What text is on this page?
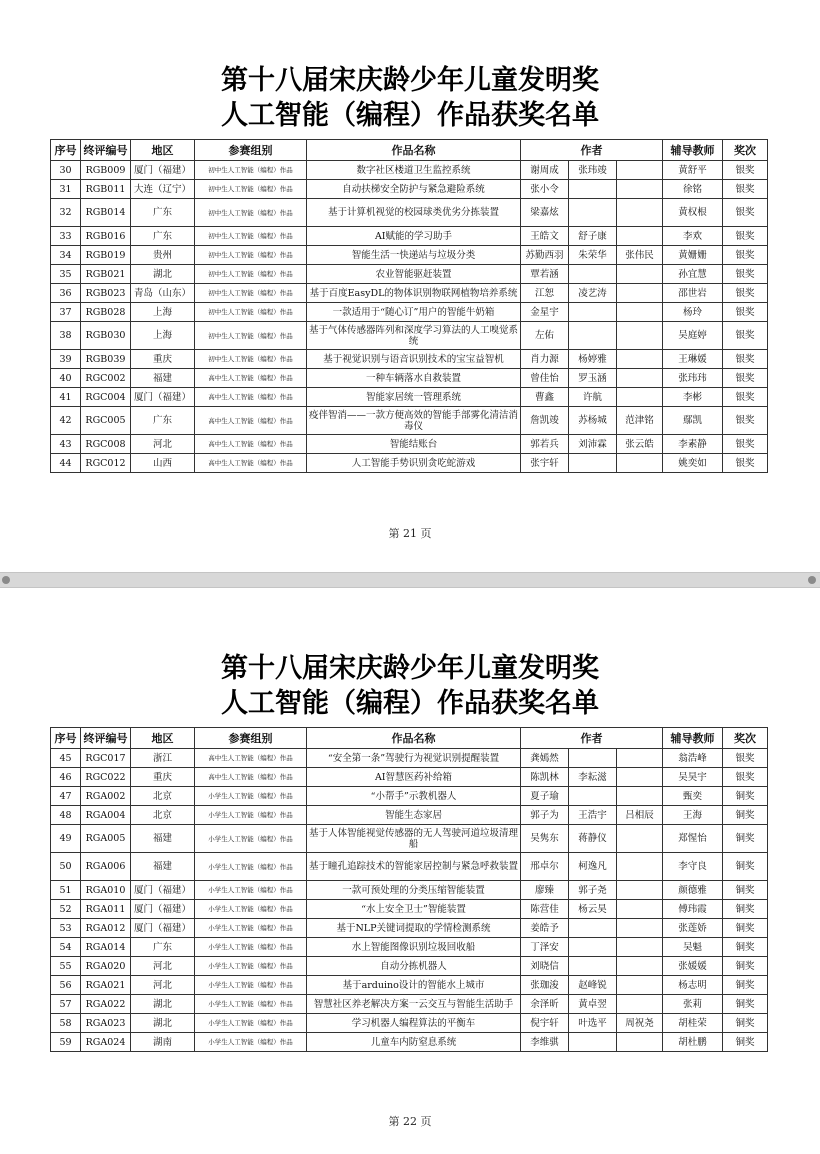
第十八届宋庆龄少年儿童发明奖
人工智能（编程）作品获奖名单
序号	终评编号	地区	参赛组别	作品名称	作者			辅导教师	奖次
30	RGB009	厦门（福建）	初中生人工智能（编程）作品	数字社区楼道卫生监控系统	谢周成	张玮竣		黄舒平	银奖
31	RGB011	大连（辽宁）	初中生人工智能（编程）作品	自动扶梯安全防护与紧急避险系统	张小令			徐铭	银奖
32	RGB014	广东	初中生人工智能（编程）作品	基于计算机视觉的校园球类优劣分拣装置	梁嘉炫			黄权根	银奖
33	RGB016	广东	初中生人工智能（编程）作品	AI赋能的学习助手	王皓文	舒子康		李欢	银奖
34	RGB019	贵州	初中生人工智能（编程）作品	智能生活一快递站与垃圾分类	苏勤西羽	朱荣华	张伟民	黄姗姗	银奖
35	RGB021	湖北	初中生人工智能（编程）作品	农业智能驱赶装置	覃若涵			孙宜慧	银奖
36	RGB023	青岛（山东）	初中生人工智能（编程）作品	基于百度EasyDL的物体识别物联网植物培养系统	江恕	凌艺涛		邵世岩	银奖
37	RGB028	上海	初中生人工智能（编程）作品	一款适用于“随心订”用户的智能牛奶箱	金星宇			杨玲	银奖
38	RGB030	上海	初中生人工智能（编程）作品	基于气体传感器阵列和深度学习算法的人工嗅觉系统	左佑			吴庭婷	银奖
39	RGB039	重庆	初中生人工智能（编程）作品	基于视觉识别与语音识别技术的宝宝益智机	肖力源	杨婷雅		王琳媛	银奖
40	RGC002	福建	高中生人工智能（编程）作品	一种车辆落水自救装置	曾佳怡	罗玉涵		张玮玮	银奖
41	RGC004	厦门（福建）	高中生人工智能（编程）作品	智能家居统一管理系统	曹鑫	许航		李彬	银奖
42	RGC005	广东	高中生人工智能（编程）作品	疫伴智消——一款方便高效的智能手部雾化清洁消毒仪	詹凯竣	苏杨城	范津铭	鄢凯	银奖
43	RGC008	河北	高中生人工智能（编程）作品	智能结账台	郭若兵	刘沛霖	张云皓	李素静	银奖
44	RGC012	山西	高中生人工智能（编程）作品	人工智能手势识别贪吃蛇游戏	张宇轩			姚奕如	银奖
第 21 页
第十八届宋庆龄少年儿童发明奖
人工智能（编程）作品获奖名单
序号	终评编号	地区	参赛组别	作品名称	作者			辅导教师	奖次
45	RGC017	浙江	高中生人工智能（编程）作品	“安全第一条”驾驶行为视觉识别提醒装置	龚嫣然			翁浩峰	银奖
46	RGC022	重庆	高中生人工智能（编程）作品	AI智慧医药补给箱	陈凯林	李耘滋		吴昊宇	银奖
47	RGA002	北京	小学生人工智能（编程）作品	“小帮手”示教机器人	夏子瑜			甄奕	铜奖
48	RGA004	北京	小学生人工智能（编程）作品	智能生态家居	郭子为	王浩宇	吕相辰	王海	铜奖
49	RGA005	福建	小学生人工智能（编程）作品	基于人体智能视觉传感器的无人驾驶河道垃圾清理船	吴隽东	蒋静仪		郑惺怡	铜奖
50	RGA006	福建	小学生人工智能（编程）作品	基于瞳孔追踪技术的智能家居控制与紧急呼救装置	邢卓尔	柯逸凡		李守良	铜奖
51	RGA010	厦门（福建）	小学生人工智能（编程）作品	一款可预处理的分类压缩智能装置	廖臻	郭子尧		颜德雅	铜奖
52	RGA011	厦门（福建）	小学生人工智能（编程）作品	“水上安全卫士”智能装置	陈营佳	杨云昊		傅玮霞	铜奖
53	RGA012	厦门（福建）	小学生人工智能（编程）作品	基于NLP关键词提取的学情检测系统	姜皓予			张莲娇	铜奖
54	RGA014	广东	小学生人工智能（编程）作品	水上智能图像识别垃圾回收船	丁泽安			吴魁	铜奖
55	RGA020	河北	小学生人工智能（编程）作品	自动分拣机器人	刘晓信			张媛媛	铜奖
56	RGA021	河北	小学生人工智能（编程）作品	基于arduino设计的智能水上城市	张珈浚	赵峰锐		杨志明	铜奖
57	RGA022	湖北	小学生人工智能（编程）作品	智慧社区养老解决方案一云交互与智能生活助手	余泽昕	黄卓翌		张莉	铜奖
58	RGA023	湖北	小学生人工智能（编程）作品	学习机器人编程算法的平衡车	倪宇轩	叶选平	周祝尧	胡桂荣	铜奖
59	RGA024	湖南	小学生人工智能（编程）作品	儿童车内防窒息系统	李维骐			胡杜鹏	铜奖
第 22 页
